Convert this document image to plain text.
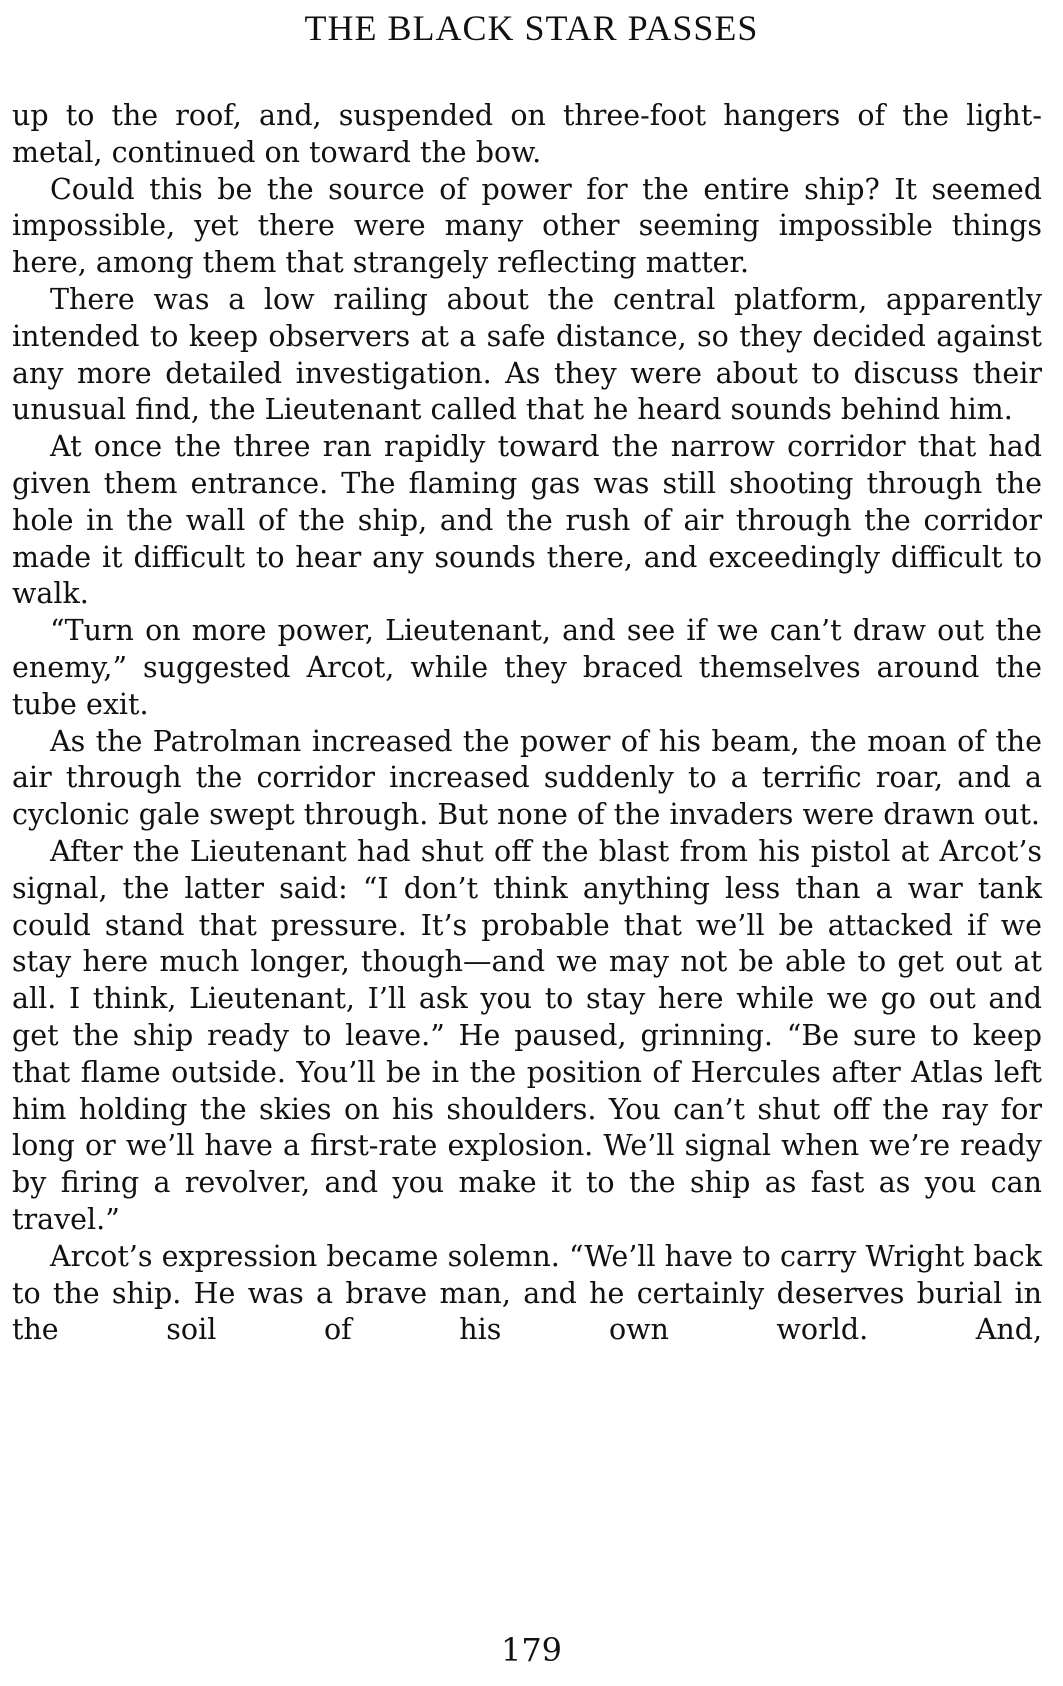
THE BLACK STAR PASSES

up to the roof, and, suspended on three-foot hangers of the light-metal, continued on toward the bow.

Could this be the source of power for the entire ship? It seemed impossible, yet there were many other seeming impossible things here, among them that strangely reflecting matter.

There was a low railing about the central platform, apparently intended to keep observers at a safe distance, so they decided against any more detailed investigation. As they were about to discuss their unusual find, the Lieutenant called that he heard sounds behind him.

At once the three ran rapidly toward the narrow corridor that had given them entrance. The flaming gas was still shooting through the hole in the wall of the ship, and the rush of air through the corridor made it difficult to hear any sounds there, and exceedingly difficult to walk.

“Turn on more power, Lieutenant, and see if we can’t draw out the enemy,” suggested Arcot, while they braced themselves around the tube exit.

As the Patrolman increased the power of his beam, the moan of the air through the corridor increased suddenly to a terrific roar, and a cyclonic gale swept through. But none of the invaders were drawn out.

After the Lieutenant had shut off the blast from his pistol at Arcot’s signal, the latter said: “I don’t think anything less than a war tank could stand that pressure. It’s probable that we’ll be attacked if we stay here much longer, though—and we may not be able to get out at all. I think, Lieutenant, I’ll ask you to stay here while we go out and get the ship ready to leave.” He paused, grinning. “Be sure to keep that flame outside. You’ll be in the position of Hercules after Atlas left him holding the skies on his shoulders. You can’t shut off the ray for long or we’ll have a first-rate explosion. We’ll signal when we’re ready by firing a revolver, and you make it to the ship as fast as you can travel.”

Arcot’s expression became solemn. “We’ll have to carry Wright back to the ship. He was a brave man, and he certainly deserves burial in the soil of his own world. And,

179
